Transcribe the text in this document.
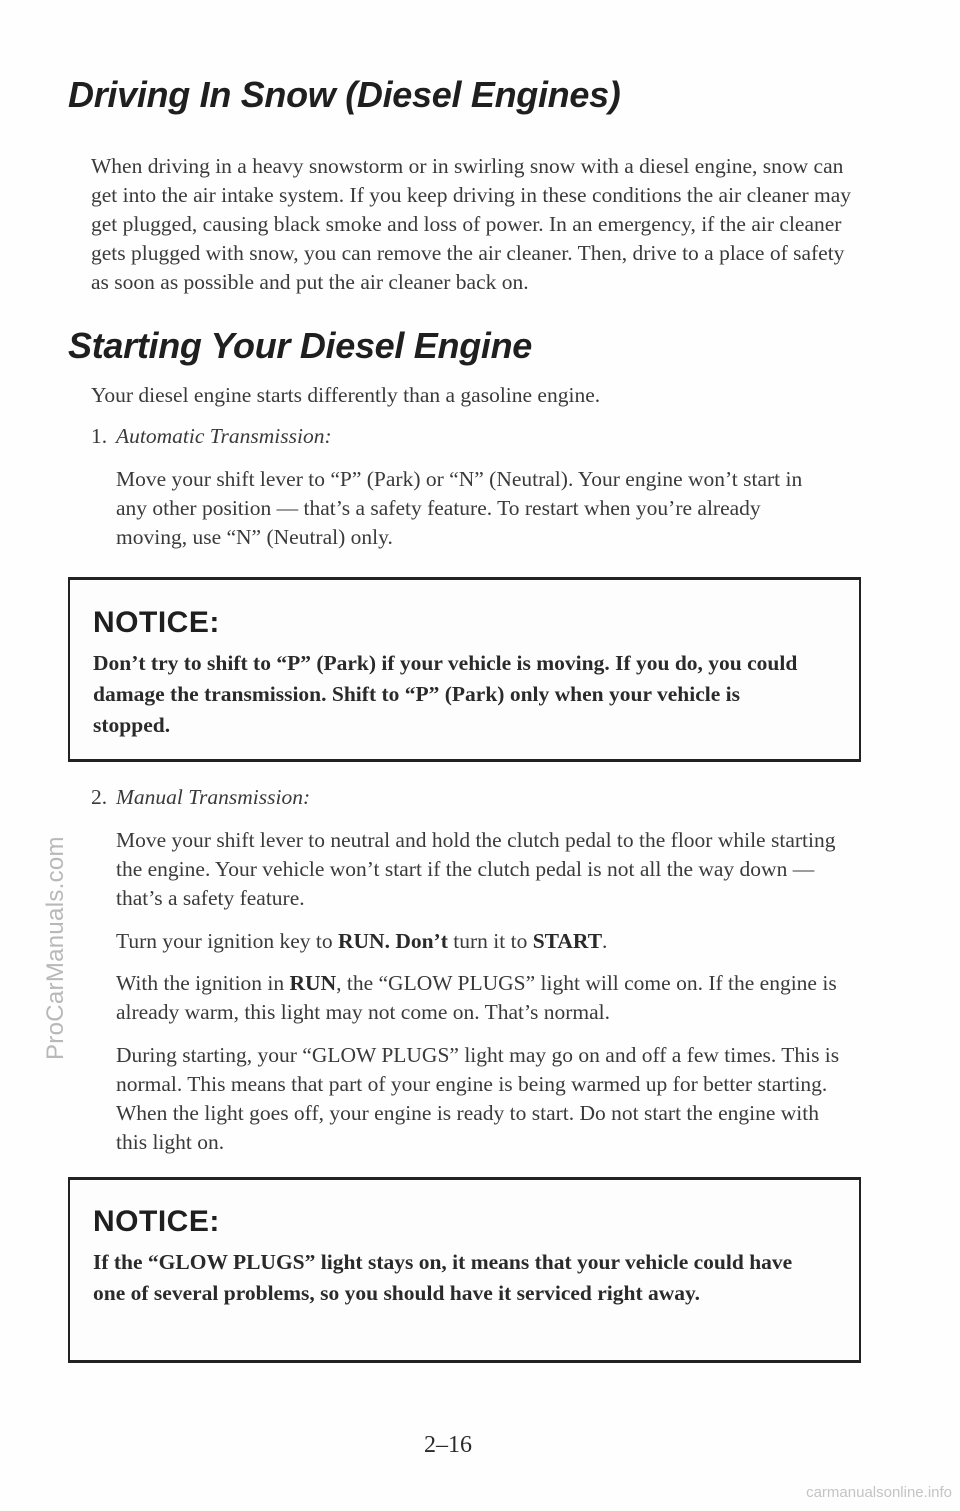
ProCarManuals.com
Driving In Snow (Diesel Engines)

When driving in a heavy snowstorm or in swirling snow with a diesel engine, snow can get into the air intake system. If you keep driving in these conditions the air cleaner may get plugged, causing black smoke and loss of power. In an emergency, if the air cleaner gets plugged with snow, you can remove the air cleaner. Then, drive to a place of safety as soon as possible and put the air cleaner back on.

Starting Your Diesel Engine

Your diesel engine starts differently than a gasoline engine.

1. Automatic Transmission:

Move your shift lever to “P” (Park) or “N” (Neutral). Your engine won’t start in any other position — that’s a safety feature. To restart when you’re already moving, use “N” (Neutral) only.

NOTICE:

Don’t try to shift to “P” (Park) if your vehicle is moving. If you do, you could damage the transmission. Shift to “P” (Park) only when your vehicle is stopped.

2. Manual Transmission:

Move your shift lever to neutral and hold the clutch pedal to the floor while starting the engine. Your vehicle won’t start if the clutch pedal is not all the way down — that’s a safety feature.

Turn your ignition key to RUN. Don’t turn it to START.

With the ignition in RUN, the “GLOW PLUGS” light will come on. If the engine is already warm, this light may not come on. That’s normal.

During starting, your “GLOW PLUGS” light may go on and off a few times. This is normal. This means that part of your engine is being warmed up for better starting. When the light goes off, your engine is ready to start. Do not start the engine with this light on.

NOTICE:

If the “GLOW PLUGS” light stays on, it means that your vehicle could have one of several problems, so you should have it serviced right away.

2–16
carmanualsonline.info
